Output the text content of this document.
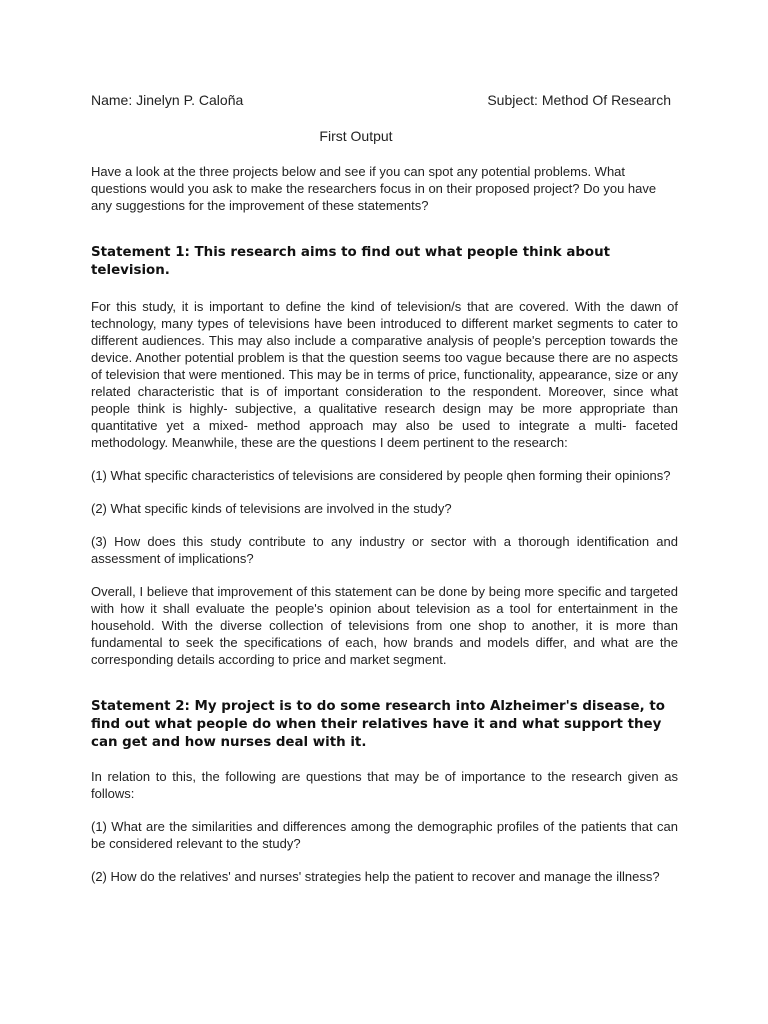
Name: Jinelyn P. Caloña	Subject: Method Of Research
First Output

Have a look at the three projects below and see if you can spot any potential problems. What questions would you ask to make the researchers focus in on their proposed project? Do you have any suggestions for the improvement of these statements?

Statement 1: This research aims to find out what people think about television.

For this study, it is important to define the kind of television/s that are covered. With the dawn of technology, many types of televisions have been introduced to different market segments to cater to different audiences. This may also include a comparative analysis of people's perception towards the device. Another potential problem is that the question seems too vague because there are no aspects of television that were mentioned. This may be in terms of price, functionality, appearance, size or any related characteristic that is of important consideration to the respondent. Moreover, since what people think is highly- subjective, a qualitative research design may be more appropriate than quantitative yet a mixed- method approach may also be used to integrate a multi- faceted methodology. Meanwhile, these are the questions I deem pertinent to the research:

(1) What specific characteristics of televisions are considered by people qhen forming their opinions?

(2) What specific kinds of televisions are involved in the study?

(3) How does this study contribute to any industry or sector with a thorough identification and assessment of implications?

Overall, I believe that improvement of this statement can be done by being more specific and targeted with how it shall evaluate the people's opinion about television as a tool for entertainment in the household. With the diverse collection of televisions from one shop to another, it is more than fundamental to seek the specifications of each, how brands and models differ, and what are the corresponding details according to price and market segment.

Statement 2: My project is to do some research into Alzheimer's disease, to find out what people do when their relatives have it and what support they can get and how nurses deal with it.

In relation to this, the following are questions that may be of importance to the research given as follows:

(1) What are the similarities and differences among the demographic profiles of the patients that can be considered relevant to the study?

(2) How do the relatives' and nurses' strategies help the patient to recover and manage the illness?
